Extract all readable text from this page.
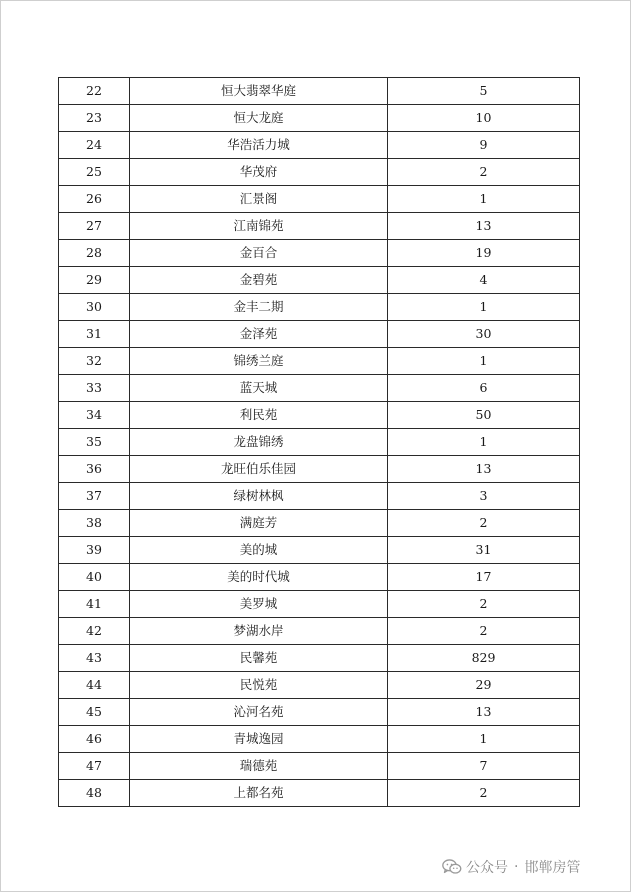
22	恒大翡翠华庭	5
23	恒大龙庭	10
24	华浩活力城	9
25	华茂府	2
26	汇景阁	1
27	江南锦苑	13
28	金百合	19
29	金碧苑	4
30	金丰二期	1
31	金泽苑	30
32	锦绣兰庭	1
33	蓝天城	6
34	利民苑	50
35	龙盘锦绣	1
36	龙旺伯乐佳园	13
37	绿树林枫	3
38	满庭芳	2
39	美的城	31
40	美的时代城	17
41	美罗城	2
42	梦湖水岸	2
43	民馨苑	829
44	民悦苑	29
45	沁河名苑	13
46	青城逸园	1
47	瑞德苑	7
48	上都名苑	2
公众号 · 邯郸房管
